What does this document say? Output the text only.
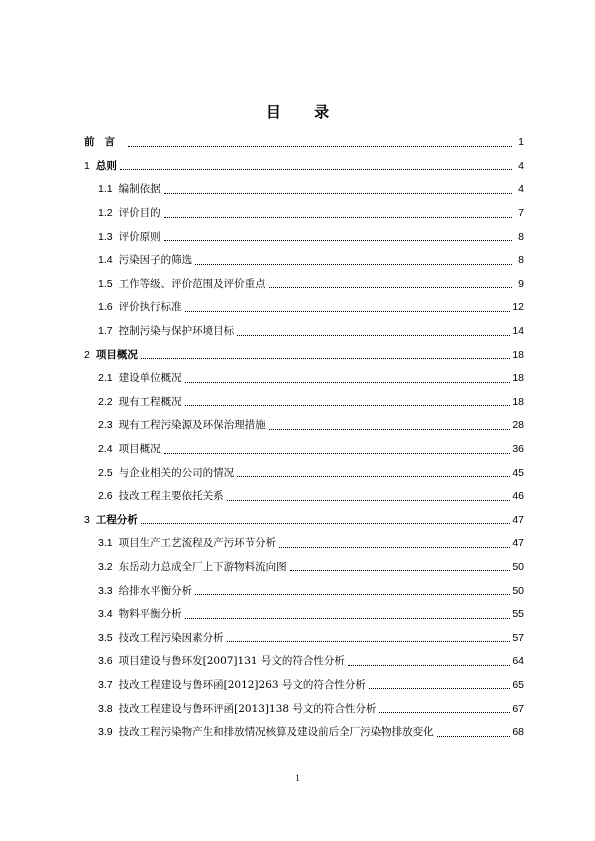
目 录
前言	1
1 总则	4
1.1 编制依据	4
1.2 评价目的	7
1.3 评价原则	8
1.4 污染因子的筛选	8
1.5 工作等级、评价范围及评价重点	9
1.6 评价执行标准	12
1.7 控制污染与保护环境目标	14
2 项目概况	18
2.1 建设单位概况	18
2.2 现有工程概况	18
2.3 现有工程污染源及环保治理措施	28
2.4 项目概况	36
2.5 与企业相关的公司的情况	45
2.6 技改工程主要依托关系	46
3 工程分析	47
3.1 项目生产工艺流程及产污环节分析	47
3.2 东岳动力总成全厂上下游物料流向图	50
3.3 给排水平衡分析	50
3.4 物料平衡分析	55
3.5 技改工程污染因素分析	57
3.6 项目建设与鲁环发[2007]131 号文的符合性分析	64
3.7 技改工程建设与鲁环函[2012]263 号文的符合性分析	65
3.8 技改工程建设与鲁环评函[2013]138 号文的符合性分析	67
3.9 技改工程污染物产生和排放情况核算及建设前后全厂污染物排放变化	68
1
